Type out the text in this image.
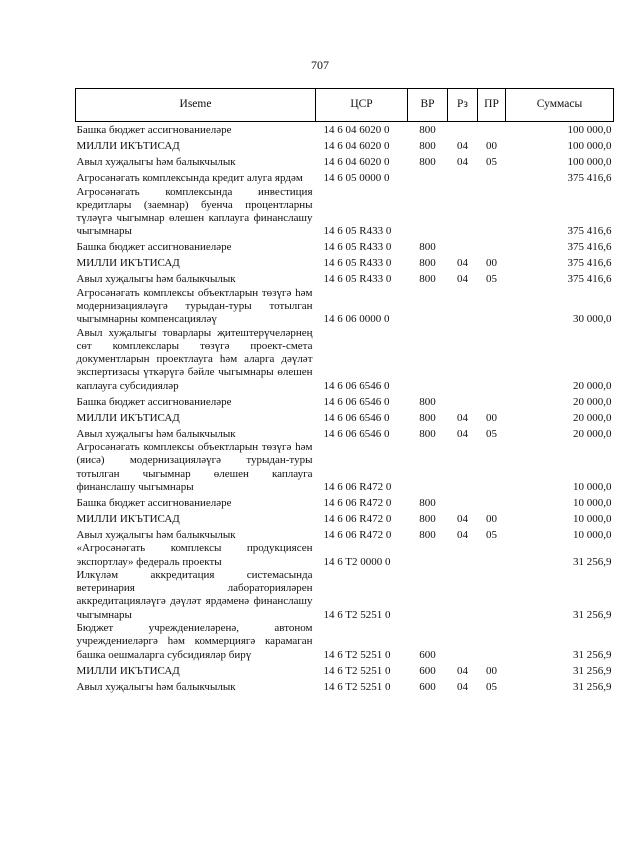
707
Иseme	ЦСР	ВР	Рз	ПР	Суммасы
Башка бюджет ассигнованиеләре	14 6 04 6020 0	800			100 000,0
МИЛЛИ ИКЪТИСАД	14 6 04 6020 0	800	04	00	100 000,0
Авыл хуҗалыгы һәм балыкчылык	14 6 04 6020 0	800	04	05	100 000,0
Агросәнәгать комплексында кредит алуга ярдәм	14 6 05 0000 0				375 416,6
Агросәнәгать комплексында инвестиция кредитлары (заемнар) буенча процентларны түләүгә чыгымнар өлешен каплауга финанслашу чыгымнары	14 6 05 R433 0				375 416,6
Башка бюджет ассигнованиеләре	14 6 05 R433 0	800			375 416,6
МИЛЛИ ИКЪТИСАД	14 6 05 R433 0	800	04	00	375 416,6
Авыл хуҗалыгы һәм балыкчылык	14 6 05 R433 0	800	04	05	375 416,6
Агросәнәгать комплексы объектларын төзүгә һәм модернизацияләүгә турыдан-туры тотылган чыгымнарны компенсацияләү	14 6 06 0000 0				30 000,0
Авыл хуҗалыгы товарлары җитештерүчеләрнең сөт комплекслары төзүгә проект-смета документларын проектлауга һәм аларга дәүләт экспертизасы үткәрүгә бәйле чыгымнары өлешен каплауга субсидияләр	14 6 06 6546 0				20 000,0
Башка бюджет ассигнованиеләре	14 6 06 6546 0	800			20 000,0
МИЛЛИ ИКЪТИСАД	14 6 06 6546 0	800	04	00	20 000,0
Авыл хуҗалыгы һәм балыкчылык	14 6 06 6546 0	800	04	05	20 000,0
Агросәнәгать комплексы объектларын төзүгә һәм (яисә) модернизацияләүгә турыдан-туры тотылган чыгымнар өлешен каплауга финанслашу чыгымнары	14 6 06 R472 0				10 000,0
Башка бюджет ассигнованиеләре	14 6 06 R472 0	800			10 000,0
МИЛЛИ ИКЪТИСАД	14 6 06 R472 0	800	04	00	10 000,0
Авыл хуҗалыгы һәм балыкчылык	14 6 06 R472 0	800	04	05	10 000,0
«Агросәнәгать комплексы продукциясен экспортлау» федераль проекты	14 6 T2 0000 0				31 256,9
Илкүләм аккредитация системасында ветеринария лабораторияләрен аккредитацияләүгә дәүләт ярдәменә финанслашу чыгымнары	14 6 T2 5251 0				31 256,9
Бюджет учреждениеләренә, автоном учреждениеләргә һәм коммерциягә карамаган башка оешмаларга субсидияләр бирү	14 6 T2 5251 0	600			31 256,9
МИЛЛИ ИКЪТИСАД	14 6 T2 5251 0	600	04	00	31 256,9
Авыл хуҗалыгы һәм балыкчылык	14 6 T2 5251 0	600	04	05	31 256,9
